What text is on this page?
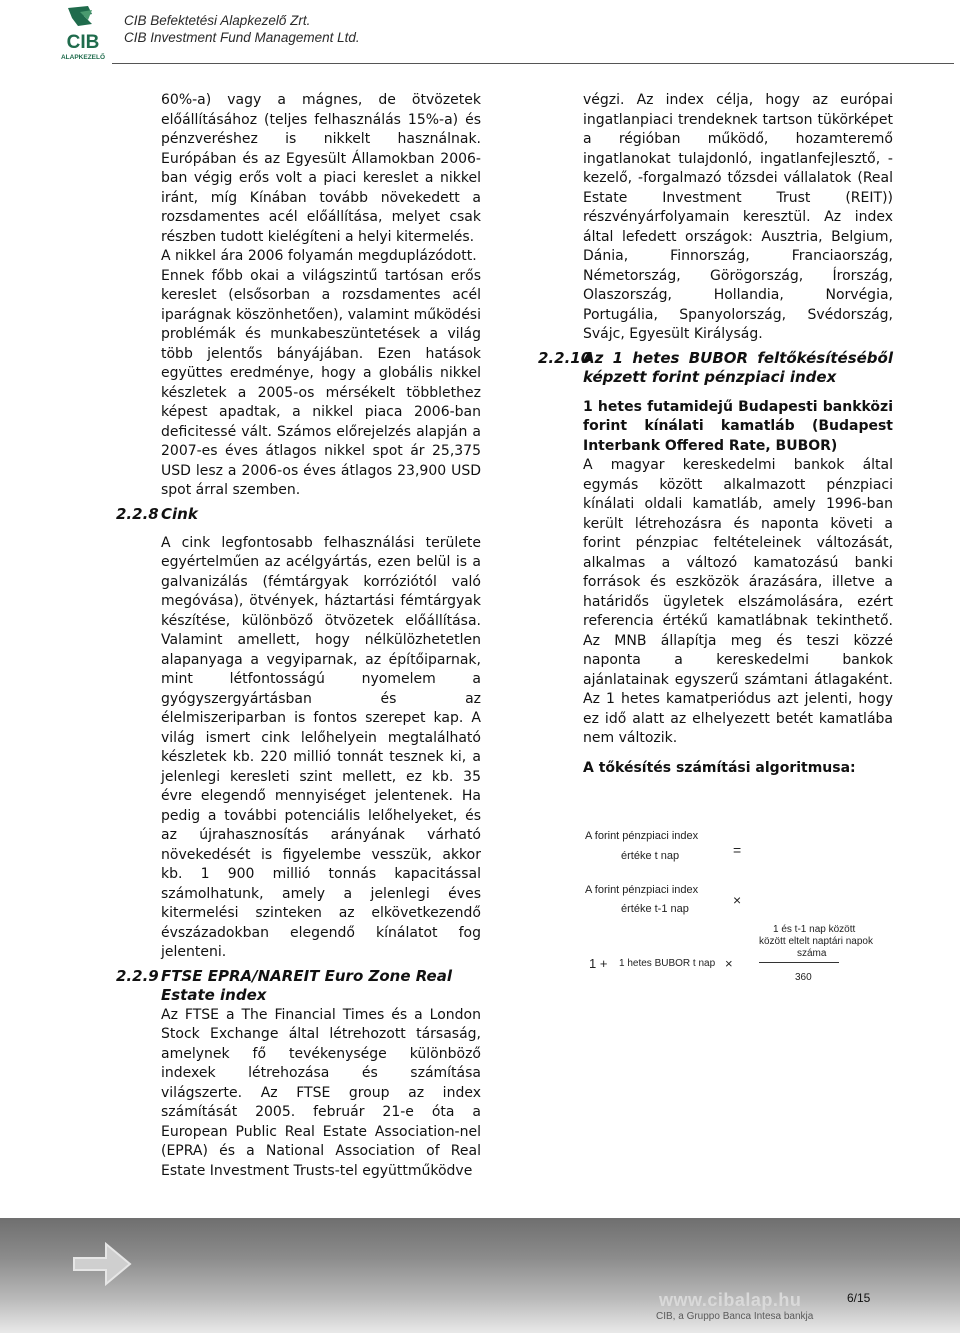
CIB
ALAPKEZELŐ
CIB Befektetési Alapkezelő Zrt.
CIB Investment Fund Management Ltd.

60%-a) vagy a mágnes, de ötvözetek előállításához (teljes felhasználás 15%-a) és pénzveréshez is nikkelt használnak. Európában és az Egyesült Államokban 2006-ban végig erős volt a piaci kereslet a nikkel iránt, míg Kínában tovább növekedett a rozsdamentes acél előállítása, melyet csak részben tudott kielégíteni a helyi kitermelés.

A nikkel ára 2006 folyamán megduplázódott.

Ennek főbb okai a világszintű tartósan erős kereslet (elsősorban a rozsdamentes acél iparágnak köszönhetően), valamint működési problémák és munkabeszüntetések a világ több jelentős bányájában. Ezen hatások együttes eredménye, hogy a globális nikkel készletek a 2005-os mérsékelt többlethez képest apadtak, a nikkel piaca 2006-ban deficitessé vált. Számos előrejelzés alapján a 2007-es éves átlagos nikkel spot ár 25,375 USD lesz a 2006-os éves átlagos 23,900 USD spot árral szemben.

2.2.8 Cink

A cink legfontosabb felhasználási területe egyértelműen az acélgyártás, ezen belül is a galvanizálás (fémtárgyak korróziótól való megóvása), ötvények, háztartási fémtárgyak készítése, különböző ötvözetek előállítása. Valamint amellett, hogy nélkülözhetetlen alapanyaga a vegyiparnak, az építőiparnak, mint létfontosságú nyomelem a gyógyszergyártásban és az élelmiszeriparban is fontos szerepet kap. A világ ismert cink lelőhelyein megtalálható készletek kb. 220 millió tonnát tesznek ki, a jelenlegi keresleti szint mellett, ez kb. 35 évre elegendő mennyiséget jelentenek. Ha pedig a további potenciális lelőhelyeket, és az újrahasznosítás arányának várható növekedését is figyelembe vesszük, akkor kb. 1 900 millió tonnás kapacitással számolhatunk, amely a jelenlegi éves kitermelési szinteken az elkövetkezendő évszázadokban elegendő kínálatot fog jelenteni.

2.2.9 FTSE EPRA/NAREIT Euro Zone Real Estate index

Az FTSE a The Financial Times és a London Stock Exchange által létrehozott társaság, amelynek fő tevékenysége különböző indexek létrehozása és számítása világszerte. Az FTSE group az index számítását 2005. február 21-e óta a European Public Real Estate Association-nel (EPRA) és a National Association of Real Estate Investment Trusts-tel együttműködve

végzi. Az index célja, hogy az európai ingatlanpiaci trendeknek tartson tükörképet a régióban működő, hozamteremő ingatlanokat tulajdonló, ingatlanfejlesztő, -kezelő, -forgalmazó tőzsdei vállalatok (Real Estate Investment Trust (REIT)) részvényárfolyamain keresztül. Az index által lefedett országok: Ausztria, Belgium, Dánia, Finnország, Franciaország, Németország, Görögország, Írország, Olaszország, Hollandia, Norvégia, Portugália, Spanyolország, Svédország, Svájc, Egyesült Királyság.

2.2.10
Az 1 hetes BUBOR feltőkésítéséből képzett forint pénzpiaci index

1 hetes futamidejű Budapesti bankközi forint kínálati kamatláb (Budapest Interbank Offered Rate, BUBOR)

A magyar kereskedelmi bankok által egymás között alkalmazott pénzpiaci kínálati oldali kamatláb, amely 1996-ban került létrehozásra és naponta követi a forint pénzpiac feltételeinek változását, alkalmas a változó kamatozású banki források és eszközök árazására, illetve a határidős ügyletek elszámolására, ezért referencia értékű kamatlábnak tekinthető. Az MNB állapítja meg és teszi közzé naponta a kereskedelmi bankok ajánlatainak egyszerű számtani átlagaként. Az 1 hetes kamatperiódus azt jelenti, hogy ez idő alatt az elhelyezett betét kamatlába nem változik.

A tőkésítés számítási algoritmusa:

A forint pénzpiaci index
értéke t nap	=
A forint pénzpiaci index
értéke t-1 nap
×
1 és t-1 nap között
között eltelt naptári napok
száma
1 + 1 hetes BUBOR t nap ×
360
www.cibalap.hu
CIB, a Gruppo Banca Intesa bankja
6/15
